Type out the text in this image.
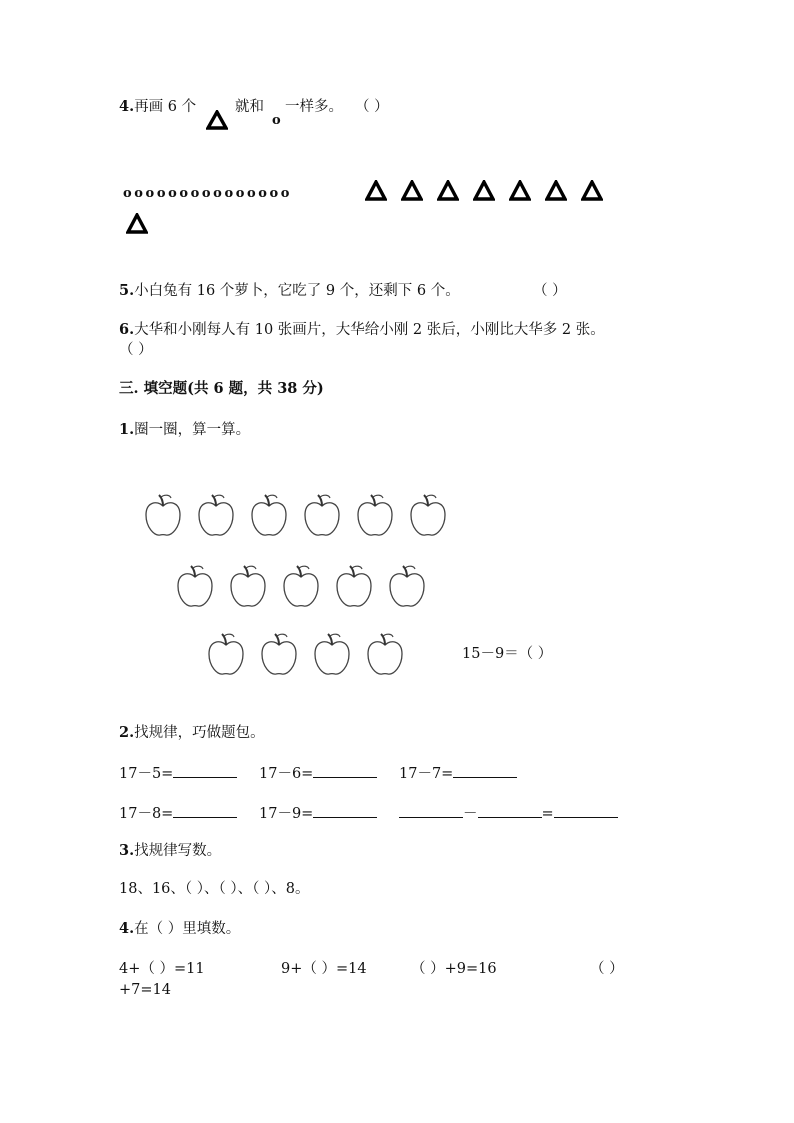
4.再画 6 个	就和
o
一样多。 （ ）
ooooooooooooooo
5.小白兔有 16 个萝卜，它吃了 9 个，还剩下 6 个。	（ ）
6.大华和小刚每人有 10 张画片，大华给小刚 2 张后，小刚比大华多 2 张。
（ ）
三. 填空题(共 6 题，共 38 分)
1.圈一圈，算一算。
15－9＝（ ）
2.找规律，巧做题包。
17－5=	17－6=	17－7=
17－8=	17－9=	－	=
3.找规律写数。
18、16、（ ）、（ ）、（ ）、8。
4.在（ ）里填数。
4+（ ）=11	9+（ ）=14	（ ）+9=16	（ ）
+7=14
